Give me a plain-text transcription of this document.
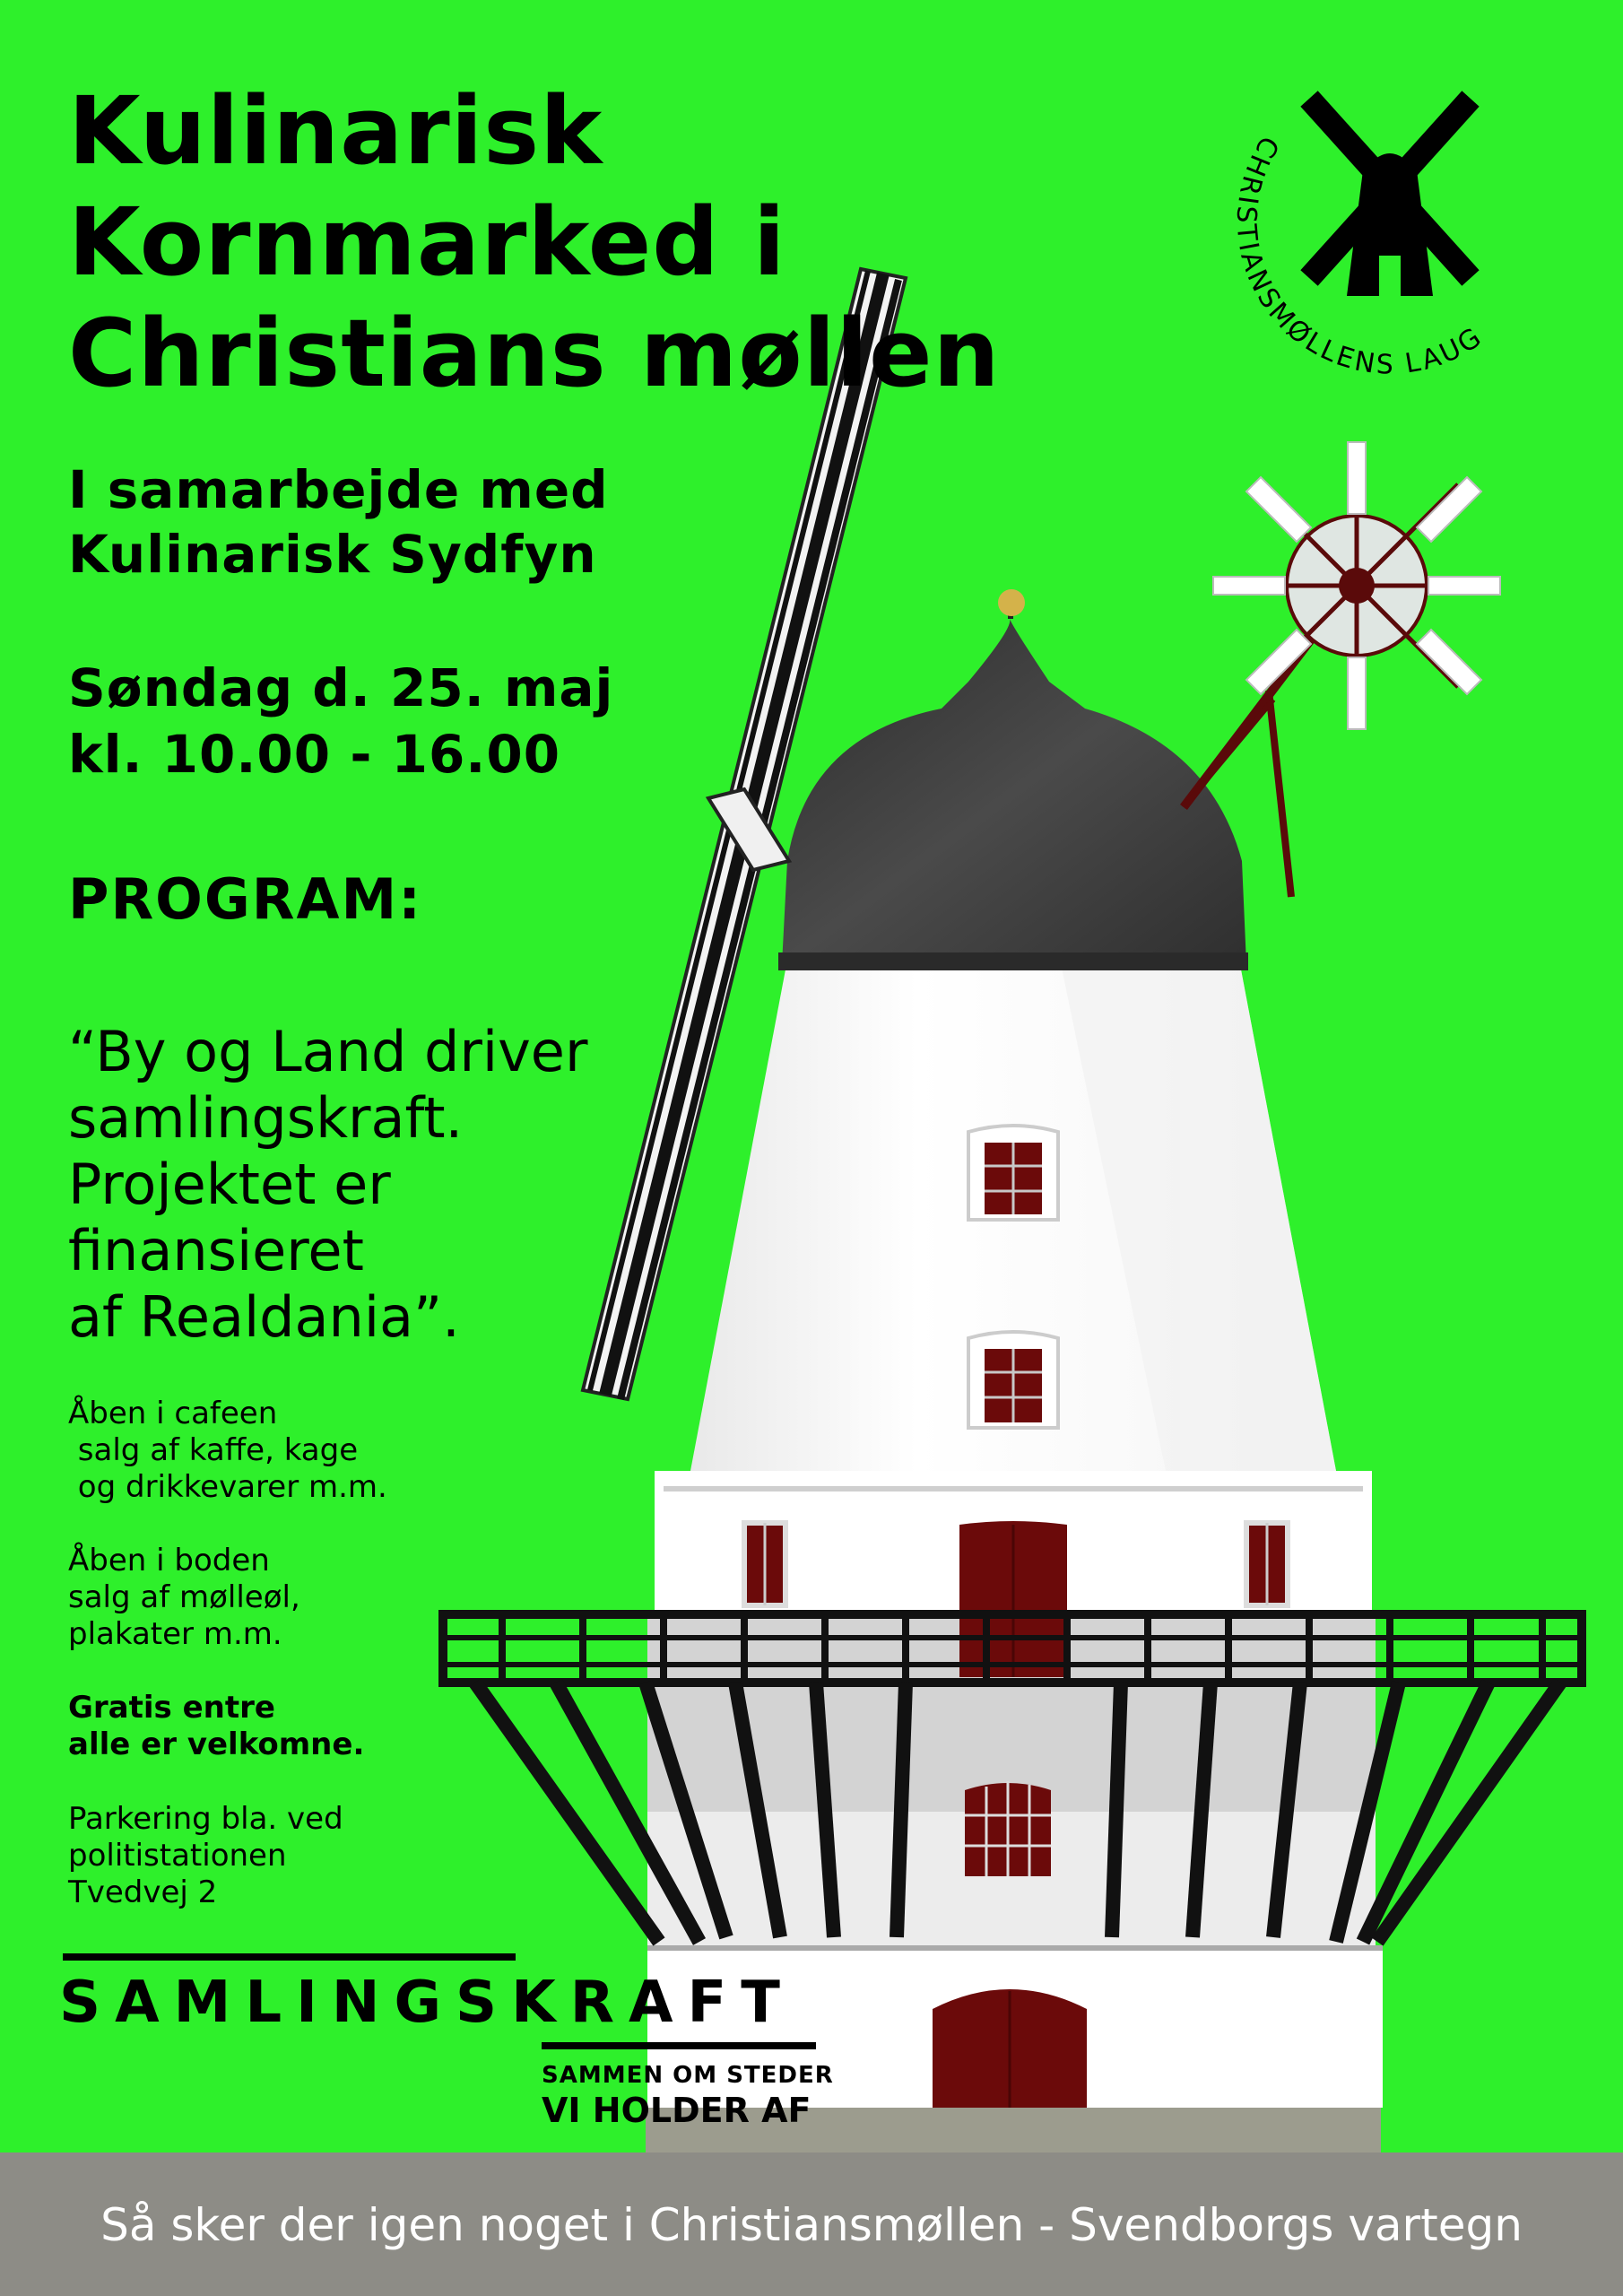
CHRISTIANSMØLLENS LAUG
Kulinarisk
Kornmarked i
Christians møllen
I samarbejde med
Kulinarisk Sydfyn
Søndag d. 25. maj
kl. 10.00 - 16.00
PROGRAM:
“By og Land driver
samlingskraft.
Projektet er
finansieret
af Realdania”.
Åben i cafeen
salg af kaffe, kage
og drikkevarer m.m.
Åben i boden
salg af mølleøl,
plakater m.m.
Gratis entre
alle er velkomne.
Parkering bla. ved
politistationen
Tvedvej 2
SAMLINGSKRAFT
SAMMEN OM STEDER
VI HOLDER AF
Så sker der igen noget i Christiansmøllen - Svendborgs vartegn
